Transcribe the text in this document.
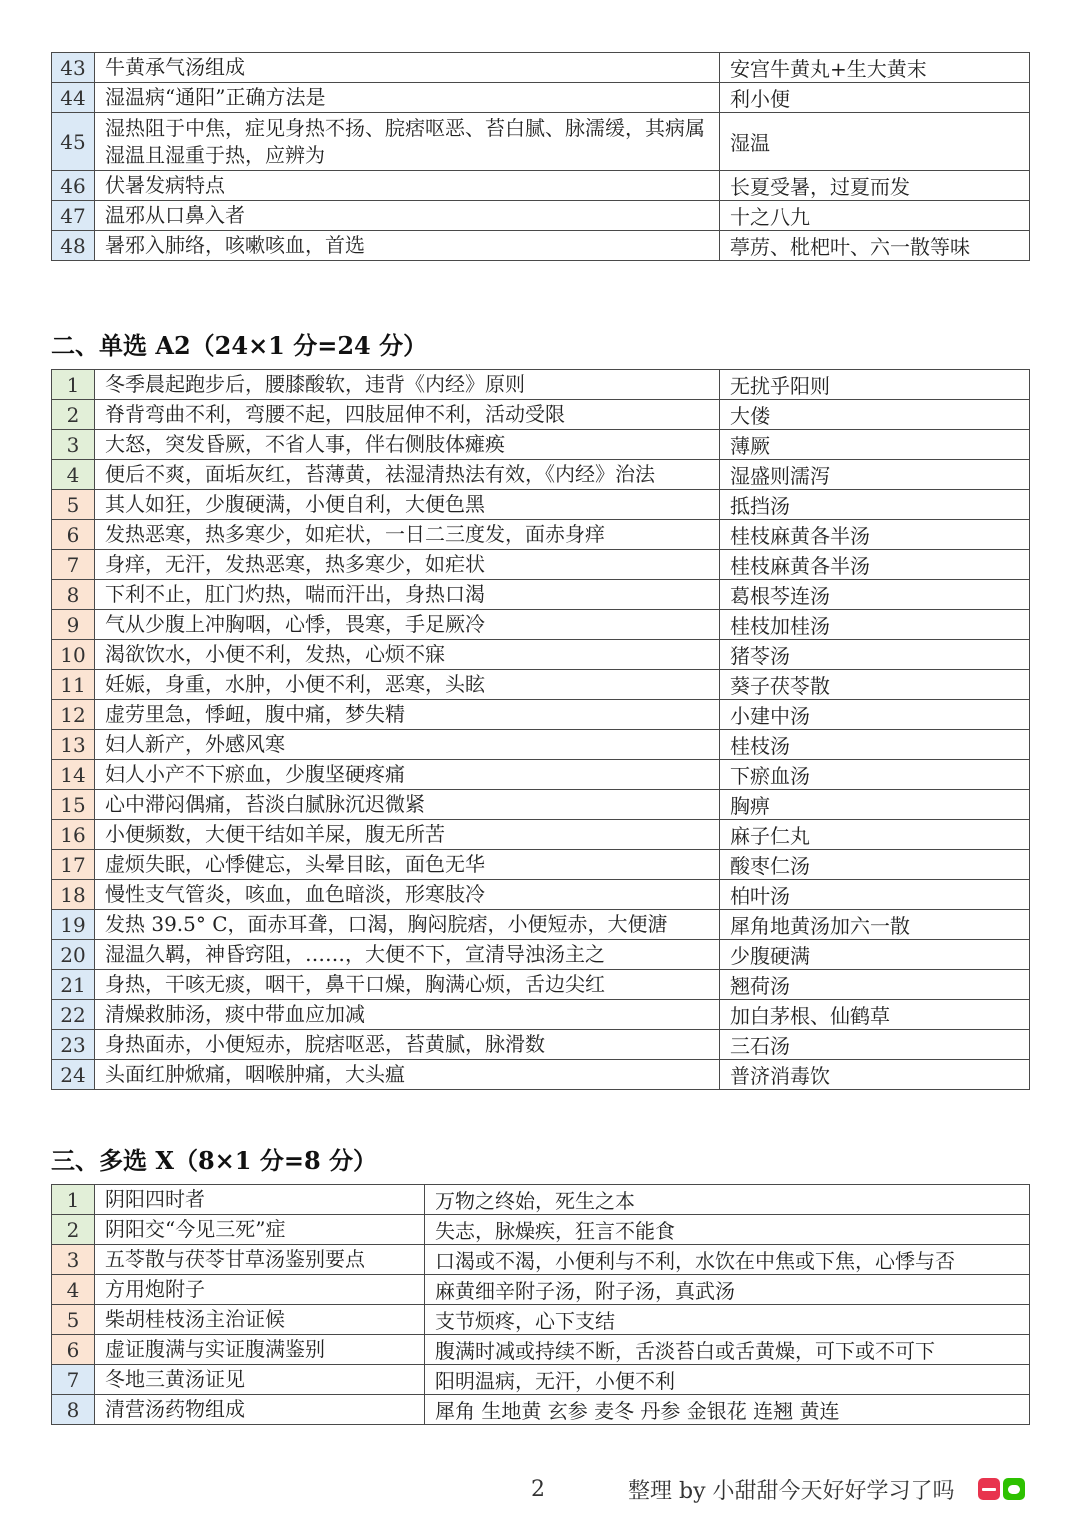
43	牛黄承气汤组成	安宫牛黄丸+生大黄末
44	湿温病“通阳”正确方法是	利小便
45	湿热阻于中焦，症见身热不扬、脘痞呕恶、苔白腻、脉濡缓，其病属湿温且湿重于热，应辨为	湿温
46	伏暑发病特点	长夏受暑，过夏而发
47	温邪从口鼻入者	十之八九
48	暑邪入肺络，咳嗽咳血，首选	葶苈、枇杷叶、六一散等味
二、单选 A2（24×1 分=24 分）
1	冬季晨起跑步后，腰膝酸软，违背《内经》原则	无扰乎阳则
2	脊背弯曲不利，弯腰不起，四肢屈伸不利，活动受限	大偻
3	大怒，突发昏厥，不省人事，伴右侧肢体瘫痪	薄厥
4	便后不爽，面垢灰红，苔薄黄，祛湿清热法有效，《内经》治法	湿盛则濡泻
5	其人如狂，少腹硬满，小便自利，大便色黑	抵挡汤
6	发热恶寒，热多寒少，如疟状，一日二三度发，面赤身痒	桂枝麻黄各半汤
7	身痒，无汗，发热恶寒，热多寒少，如疟状	桂枝麻黄各半汤
8	下利不止，肛门灼热，喘而汗出，身热口渴	葛根芩连汤
9	气从少腹上冲胸咽，心悸，畏寒，手足厥冷	桂枝加桂汤
10	渴欲饮水，小便不利，发热，心烦不寐	猪苓汤
11	妊娠，身重，水肿，小便不利，恶寒，头眩	葵子茯苓散
12	虚劳里急，悸衄，腹中痛，梦失精	小建中汤
13	妇人新产，外感风寒	桂枝汤
14	妇人小产不下瘀血，少腹坚硬疼痛	下瘀血汤
15	心中滞闷偶痛，苔淡白腻脉沉迟微紧	胸痹
16	小便频数，大便干结如羊屎，腹无所苦	麻子仁丸
17	虚烦失眠，心悸健忘，头晕目眩，面色无华	酸枣仁汤
18	慢性支气管炎，咳血，血色暗淡，形寒肢冷	柏叶汤
19	发热 39.5° C，面赤耳聋，口渴，胸闷脘痞，小便短赤，大便溏	犀角地黄汤加六一散
20	湿温久羁，神昏窍阻，……，大便不下，宣清导浊汤主之	少腹硬满
21	身热，干咳无痰，咽干，鼻干口燥，胸满心烦，舌边尖红	翘荷汤
22	清燥救肺汤，痰中带血应加减	加白茅根、仙鹤草
23	身热面赤，小便短赤，脘痞呕恶，苔黄腻，脉滑数	三石汤
24	头面红肿焮痛，咽喉肿痛，大头瘟	普济消毒饮
三、多选 X（8×1 分=8 分）
1	阴阳四时者	万物之终始，死生之本
2	阴阳交“今见三死”症	失志，脉燥疾，狂言不能食
3	五苓散与茯苓甘草汤鉴别要点	口渴或不渴，小便利与不利，水饮在中焦或下焦，心悸与否
4	方用炮附子	麻黄细辛附子汤，附子汤，真武汤
5	柴胡桂枝汤主治证候	支节烦疼，心下支结
6	虚证腹满与实证腹满鉴别	腹满时减或持续不断，舌淡苔白或舌黄燥，可下或不可下
7	冬地三黄汤证见	阳明温病，无汗，小便不利
8	清营汤药物组成	犀角 生地黄 玄参 麦冬 丹参 金银花 连翘 黄连
2	整理 by 小甜甜今天好好学习了吗
